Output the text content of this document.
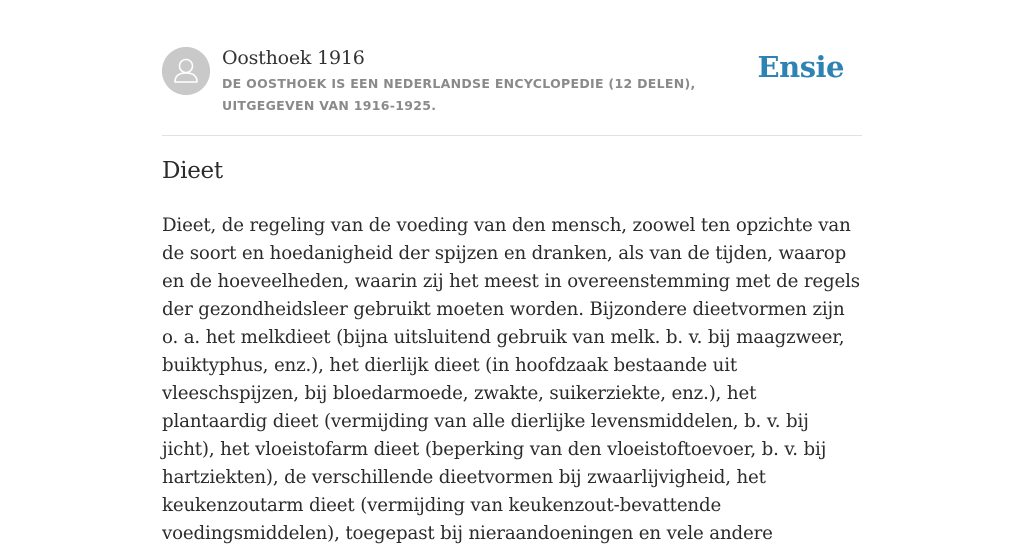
Oosthoek 1916
DE OOSTHOEK IS EEN NEDERLANDSE ENCYCLOPEDIE (12 DELEN), UITGEGEVEN VAN 1916-1925.
Ensie
Dieet

Dieet, de regeling van de voeding van den mensch, zoowel ten opzichte van de soort en hoedanigheid der spijzen en dranken, als van de tijden, waarop en de hoeveelheden, waarin zij het meest in overeenstemming met de regels der gezondheidsleer gebruikt moeten worden. Bijzondere dieetvormen zijn o. a. het melkdieet (bijna uitsluitend gebruik van melk. b. v. bij maagzweer, buiktyphus, enz.), het dierlijk dieet (in hoofdzaak bestaande uit vleeschspijzen, bij bloedarmoede, zwakte, suikerziekte, enz.), het plantaardig dieet (vermijding van alle dierlijke levensmiddelen, b. v. bij jicht), het vloeistofarm dieet (beperking van den vloeistoftoevoer, b. v. bij hartziekten), de verschillende dieetvormen bij zwaarlijvigheid, het keukenzoutarm dieet (vermijding van keukenzout-bevattende voedingsmiddelen), toegepast bij nieraandoeningen en vele andere
